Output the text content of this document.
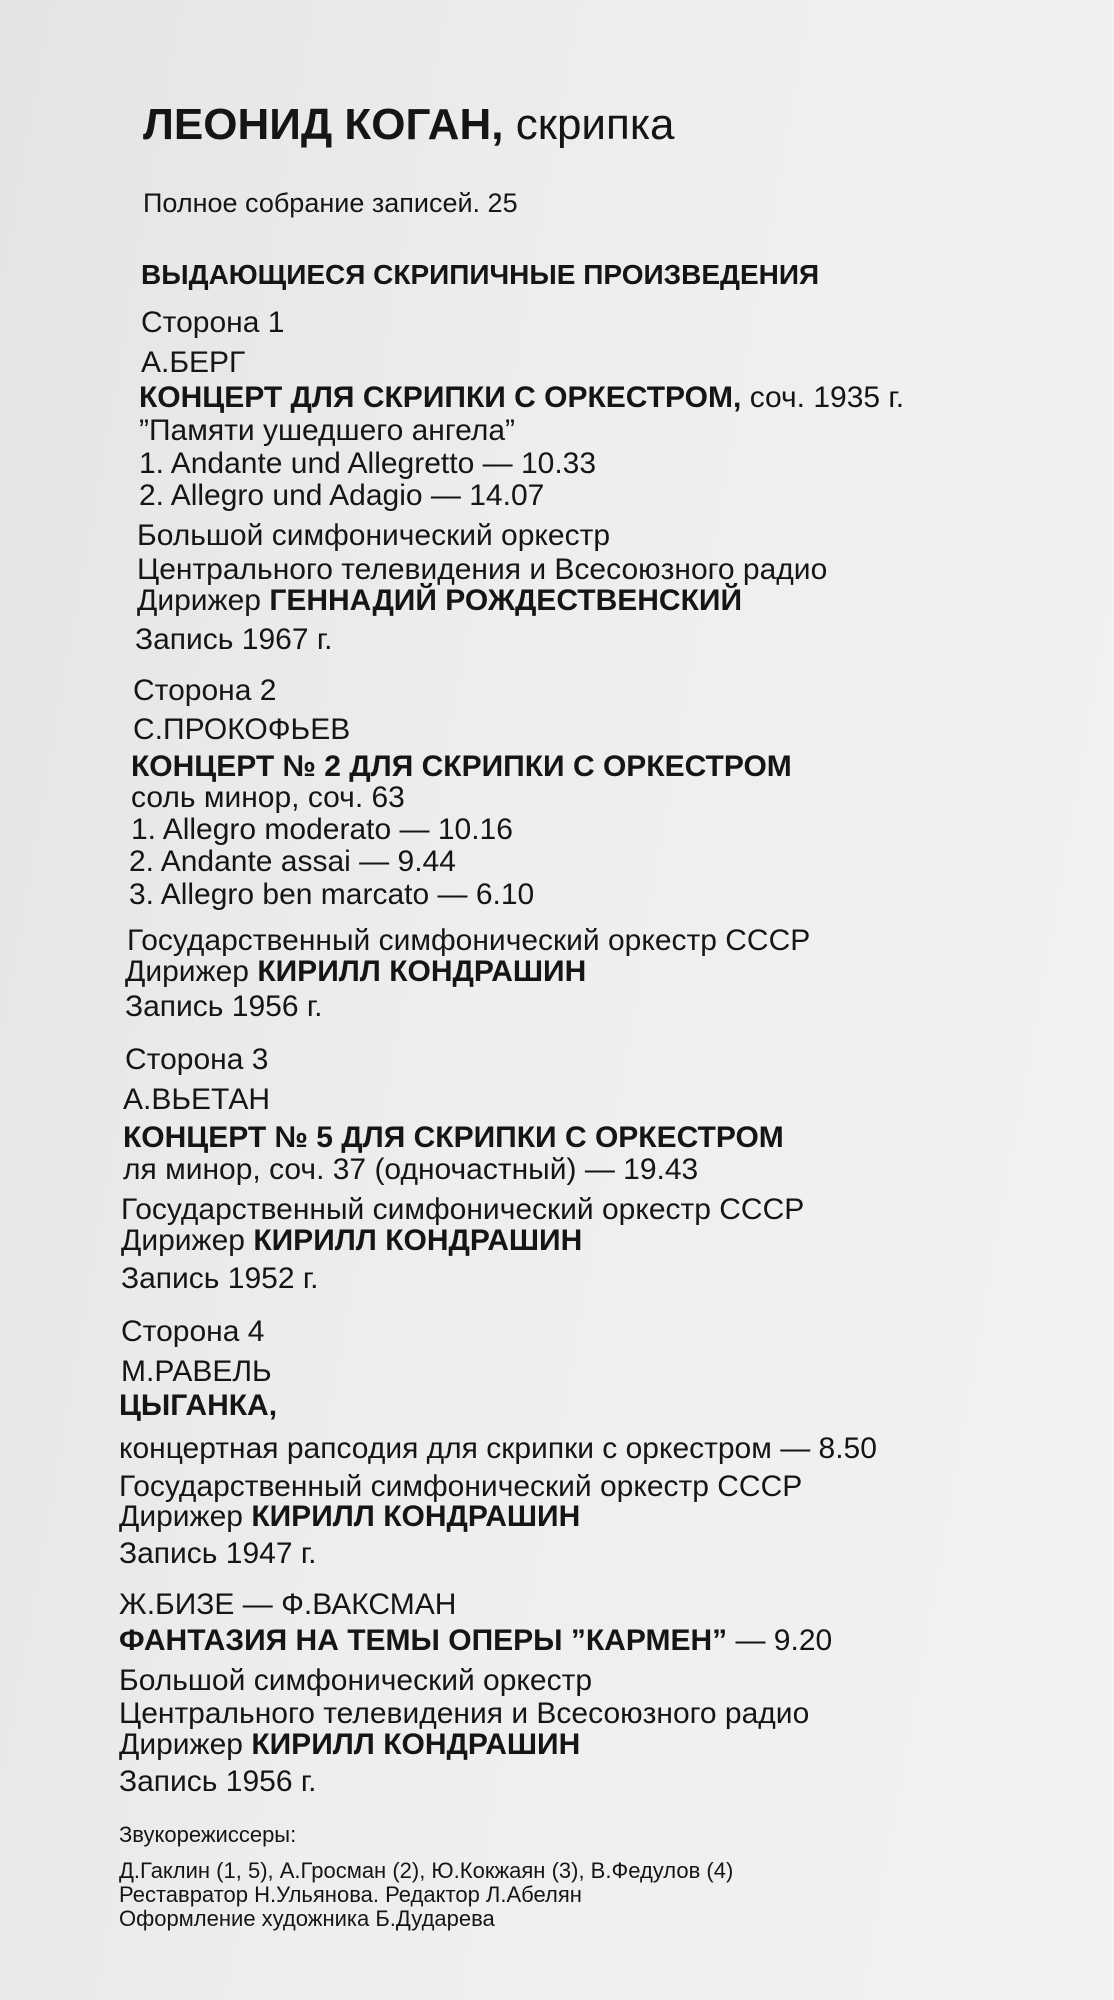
ЛЕОНИД КОГАН, скрипка
Полное собрание записей. 25
ВЫДАЮЩИЕСЯ СКРИПИЧНЫЕ ПРОИЗВЕДЕНИЯ
Сторона 1
А.БЕРГ
КОНЦЕРТ ДЛЯ СКРИПКИ С ОРКЕСТРОМ, соч. 1935 г.
”Памяти ушедшего ангела”
1. Andante und Allegretto — 10.33
2. Allegro und Adagio — 14.07
Большой симфонический оркестр
Центрального телевидения и Всесоюзного радио
Дирижер ГЕННАДИЙ РОЖДЕСТВЕНСКИЙ
Запись 1967 г.
Сторона 2
С.ПРОКОФЬЕВ
КОНЦЕРТ № 2 ДЛЯ СКРИПКИ С ОРКЕСТРОМ
соль минор, соч. 63
1. Allegro moderato — 10.16
2. Andante assai — 9.44
3. Allegro ben marcato — 6.10
Государственный симфонический оркестр СССР
Дирижер КИРИЛЛ КОНДРАШИН
Запись 1956 г.
Сторона 3
А.ВЬЕТАН
КОНЦЕРТ № 5 ДЛЯ СКРИПКИ С ОРКЕСТРОМ
ля минор, соч. 37 (одночастный) — 19.43
Государственный симфонический оркестр СССР
Дирижер КИРИЛЛ КОНДРАШИН
Запись 1952 г.
Сторона 4
М.РАВЕЛЬ
ЦЫГАНКА,
концертная рапсодия для скрипки с оркестром — 8.50
Государственный симфонический оркестр СССР
Дирижер КИРИЛЛ КОНДРАШИН
Запись 1947 г.
Ж.БИЗЕ — Ф.ВАКСМАН
ФАНТАЗИЯ НА ТЕМЫ ОПЕРЫ ”КАРМЕН” — 9.20
Большой симфонический оркестр
Центрального телевидения и Всесоюзного радио
Дирижер КИРИЛЛ КОНДРАШИН
Запись 1956 г.
Звукорежиссеры:
Д.Гаклин (1, 5), А.Гросман (2), Ю.Кокжаян (3), В.Федулов (4)
Реставратор Н.Ульянова. Редактор Л.Абелян
Оформление художника Б.Дударева
